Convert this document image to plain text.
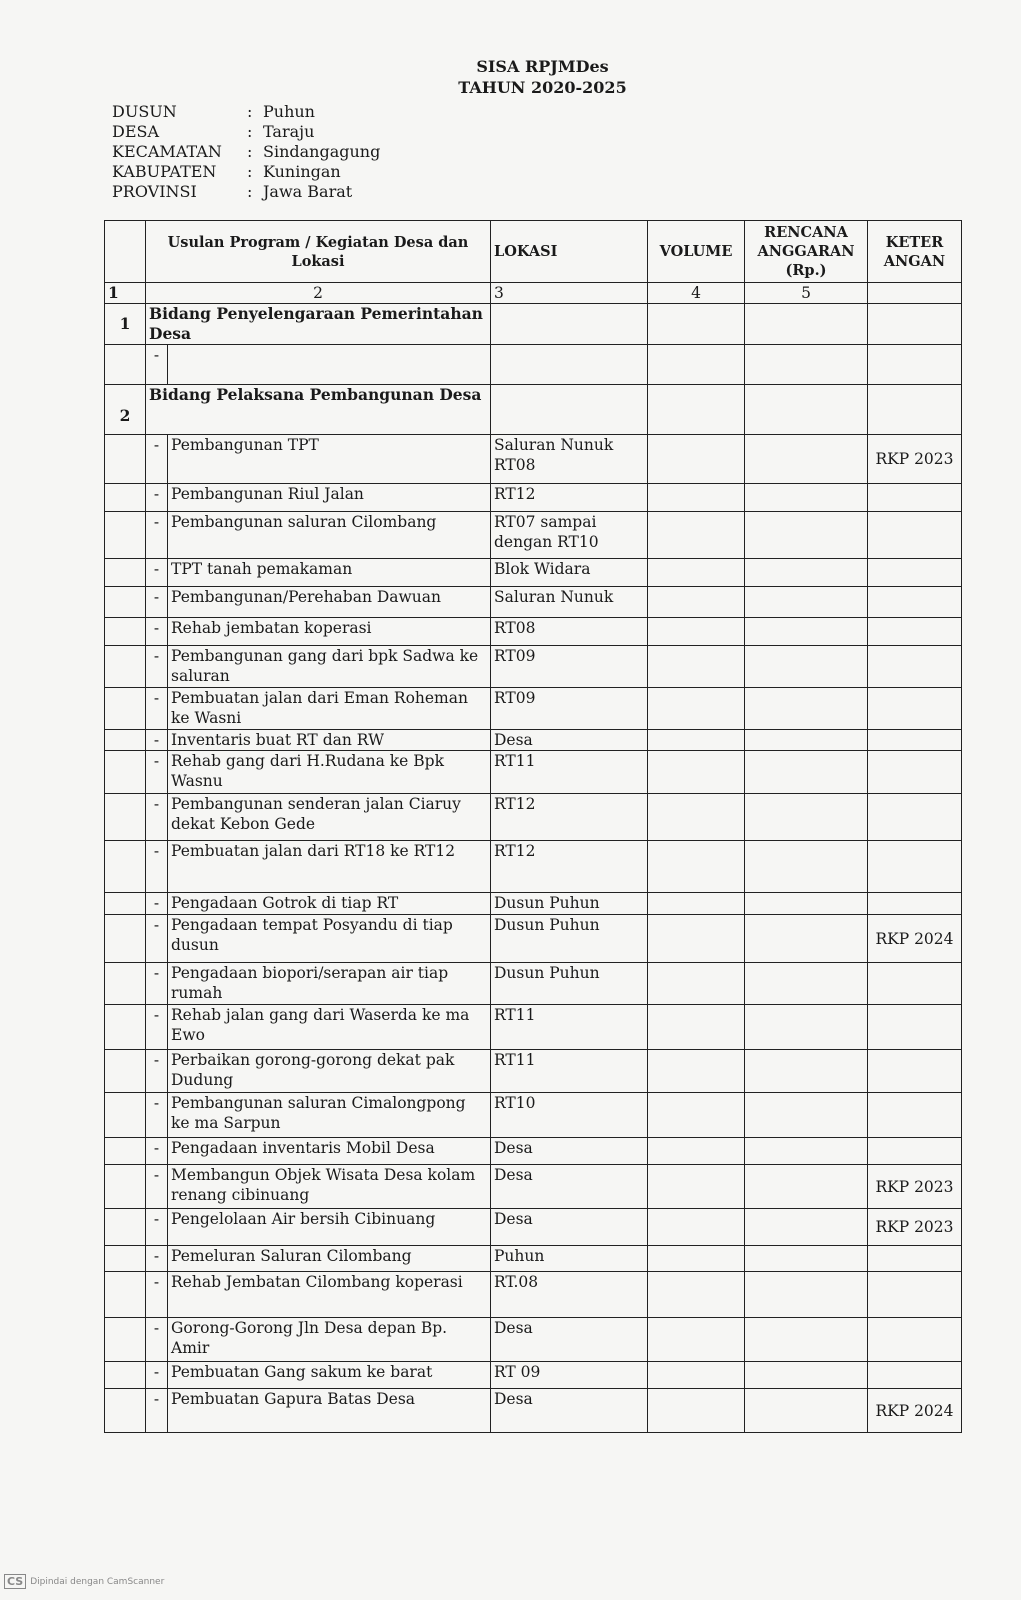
SISA RPJMDes
TAHUN 2020-2025
DUSUN	: Puhun
DESA	: Taraju
KECAMATAN	: Sindangagung
KABUPATEN	: Kuningan
PROVINSI	: Jawa Barat
	Usulan Program / Kegiatan Desa dan Lokasi		LOKASI	VOLUME	RENCANA ANGGARAN (Rp.)	KETER ANGAN
1	2		3	4	5	
1	Bidang Penyelengaraan Pemerintahan Desa					
	-					
2	Bidang Pelaksana Pembangunan Desa					
	-	Pembangunan TPT	Saluran Nunuk RT08			RKP 2023
	-	Pembangunan Riul Jalan	RT12			
	-	Pembangunan saluran Cilombang	RT07 sampai dengan RT10			
	-	TPT tanah pemakaman	Blok Widara			
	-	Pembangunan/Perehaban Dawuan	Saluran Nunuk			
	-	Rehab jembatan koperasi	RT08			
	-	Pembangunan gang dari bpk Sadwa ke saluran	RT09			
	-	Pembuatan jalan dari Eman Roheman ke Wasni	RT09			
	-	Inventaris buat RT dan RW	Desa			
	-	Rehab gang dari H.Rudana ke Bpk Wasnu	RT11			
	-	Pembangunan senderan jalan Ciaruy dekat Kebon Gede	RT12			
	-	Pembuatan jalan dari RT18 ke RT12	RT12			
	-	Pengadaan Gotrok di tiap RT	Dusun Puhun			
	-	Pengadaan tempat Posyandu di tiap dusun	Dusun Puhun			RKP 2024
	-	Pengadaan biopori/serapan air tiap rumah	Dusun Puhun			
	-	Rehab jalan gang dari Waserda ke ma Ewo	RT11			
	-	Perbaikan gorong-gorong dekat pak Dudung	RT11			
	-	Pembangunan saluran Cimalongpong ke ma Sarpun	RT10			
	-	Pengadaan inventaris Mobil Desa	Desa			
	-	Membangun Objek Wisata Desa kolam renang cibinuang	Desa			RKP 2023
	-	Pengelolaan Air bersih Cibinuang	Desa			RKP 2023
	-	Pemeluran Saluran Cilombang	Puhun			
	-	Rehab Jembatan Cilombang koperasi	RT.08			
	-	Gorong-Gorong Jln Desa depan Bp. Amir	Desa			
	-	Pembuatan Gang sakum ke barat	RT 09			
	-	Pembuatan Gapura Batas Desa	Desa			RKP 2024
CS Dipindai dengan CamScanner
